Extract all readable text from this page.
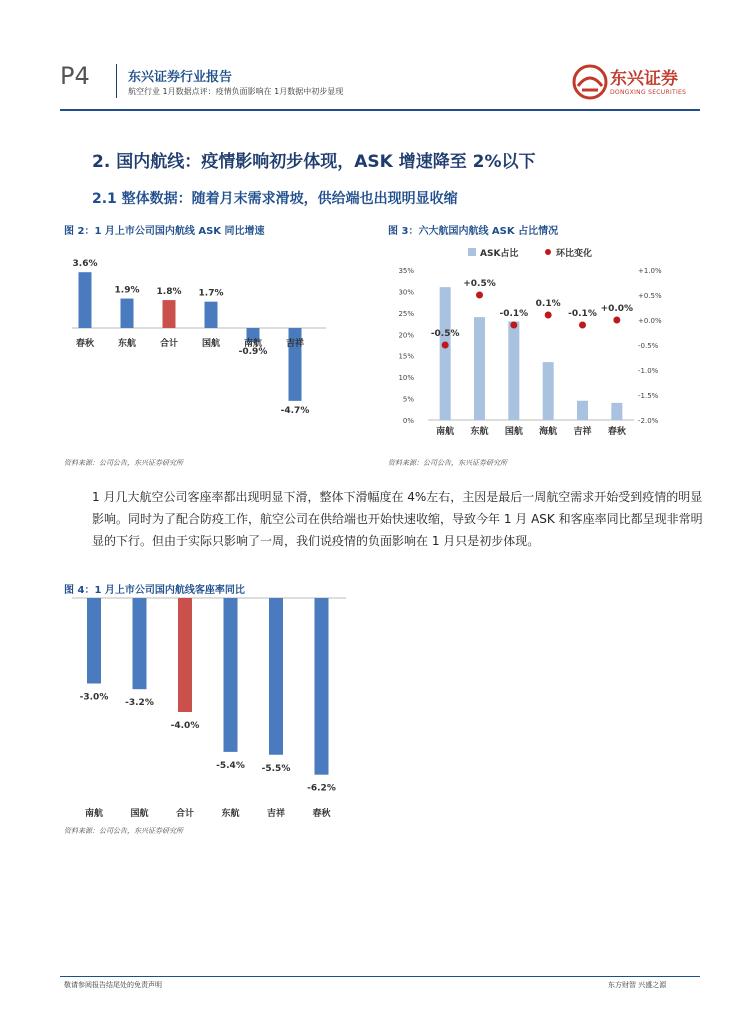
P4	东兴证券行业报告
航空行业 1月数据点评：疫情负面影响在 1月数据中初步显现
东兴证券
DONGXING SECURITIES
2. 国内航线：疫情影响初步体现，ASK 增速降至 2%以下
2.1 整体数据：随着月末需求滑坡，供给端也出现明显收缩
图 2：1 月上市公司国内航线 ASK 同比增速
3.6%
春秋
1.9%
东航
1.8%
合计
1.7%
国航
-0.9%
南航
-4.7%
吉祥
资料来源：公司公告，东兴证券研究所
图 3：六大航国内航线 ASK 占比情况
ASK占比	环比变化
35%
30%
25%
20%
15%
10%
5%
0%
+1.0%
+0.5%
+0.0%
-0.5%
-1.0%
-1.5%
-2.0%
-0.5%
南航
+0.5%
东航
-0.1%
国航
0.1%
海航
-0.1%
吉祥
+0.0%
春秋
资料来源：公司公告，东兴证券研究所
1 月几大航空公司客座率都出现明显下滑，整体下滑幅度在 4%左右，主因是最后一周航空需求开始受到疫情的明显影响。同时为了配合防疫工作，航空公司在供给端也开始快速收缩，导致今年 1 月 ASK 和客座率同比都呈现非常明显的下行。但由于实际只影响了一周，我们说疫情的负面影响在 1 月只是初步体现。
图 4：1 月上市公司国内航线客座率同比
-3.0%
南航
-3.2%
国航
-4.0%
合计
-5.4%
东航
-5.5%
吉祥
-6.2%
春秋
资料来源：公司公告，东兴证券研究所
敬请参阅报告结尾处的免责声明	东方财智 兴盛之源
